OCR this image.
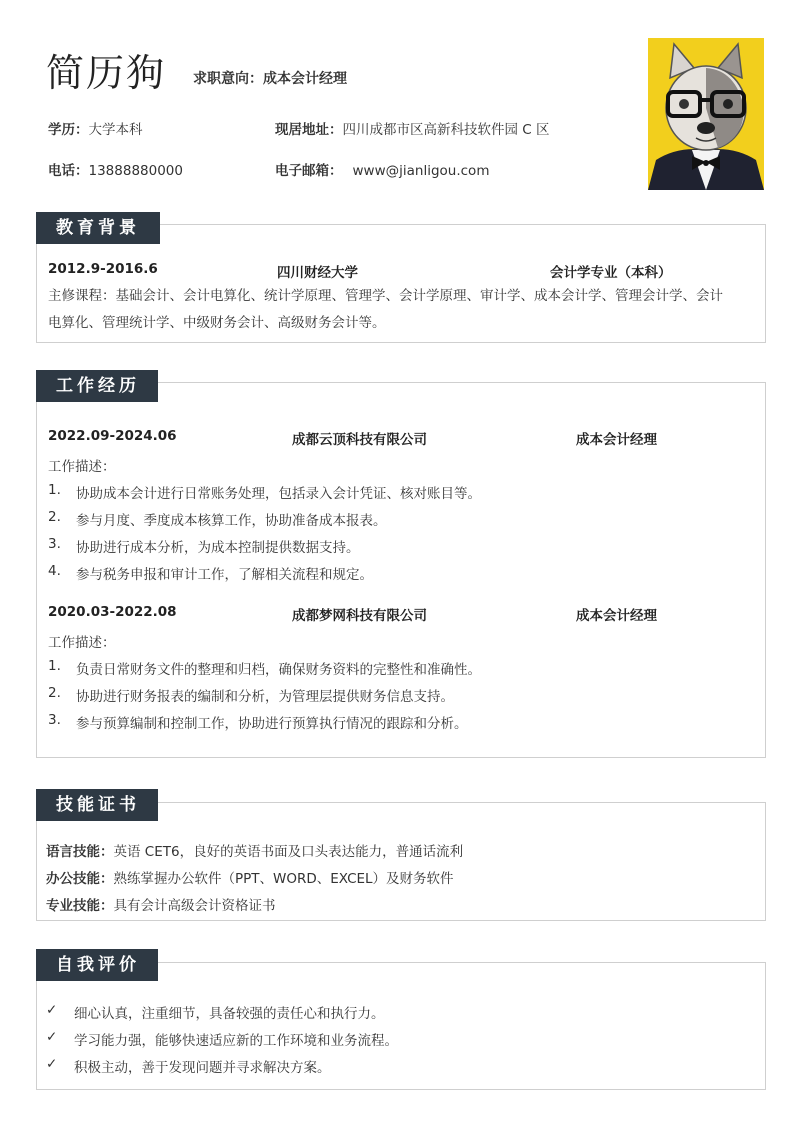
简历狗 求职意向：成本会计经理
学历：大学本科	现居地址：四川成都市区高新科技软件园 C 区
电话：13888880000	电子邮箱： www@jianligou.com
教育背景
2012.9-2016.6	四川财经大学	会计学专业（本科）
主修课程：基础会计、会计电算化、统计学原理、管理学、会计学原理、审计学、成本会计学、管理会计学、会计
电算化、管理统计学、中级财务会计、高级财务会计等。
工作经历
2022.09-2024.06	成都云顶科技有限公司	成本会计经理
工作描述：
1. 协助成本会计进行日常账务处理，包括录入会计凭证、核对账目等。
2. 参与月度、季度成本核算工作，协助准备成本报表。
3. 协助进行成本分析，为成本控制提供数据支持。
4. 参与税务申报和审计工作，了解相关流程和规定。
2020.03-2022.08	成都梦网科技有限公司	成本会计经理
工作描述：
1. 负责日常财务文件的整理和归档，确保财务资料的完整性和准确性。
2. 协助进行财务报表的编制和分析，为管理层提供财务信息支持。
3. 参与预算编制和控制工作，协助进行预算执行情况的跟踪和分析。
技能证书
语言技能：英语 CET6，良好的英语书面及口头表达能力，普通话流利
办公技能：熟练掌握办公软件（PPT、WORD、EXCEL）及财务软件
专业技能：具有会计高级会计资格证书
自我评价
✓ 细心认真，注重细节，具备较强的责任心和执行力。
✓ 学习能力强，能够快速适应新的工作环境和业务流程。
✓ 积极主动，善于发现问题并寻求解决方案。
